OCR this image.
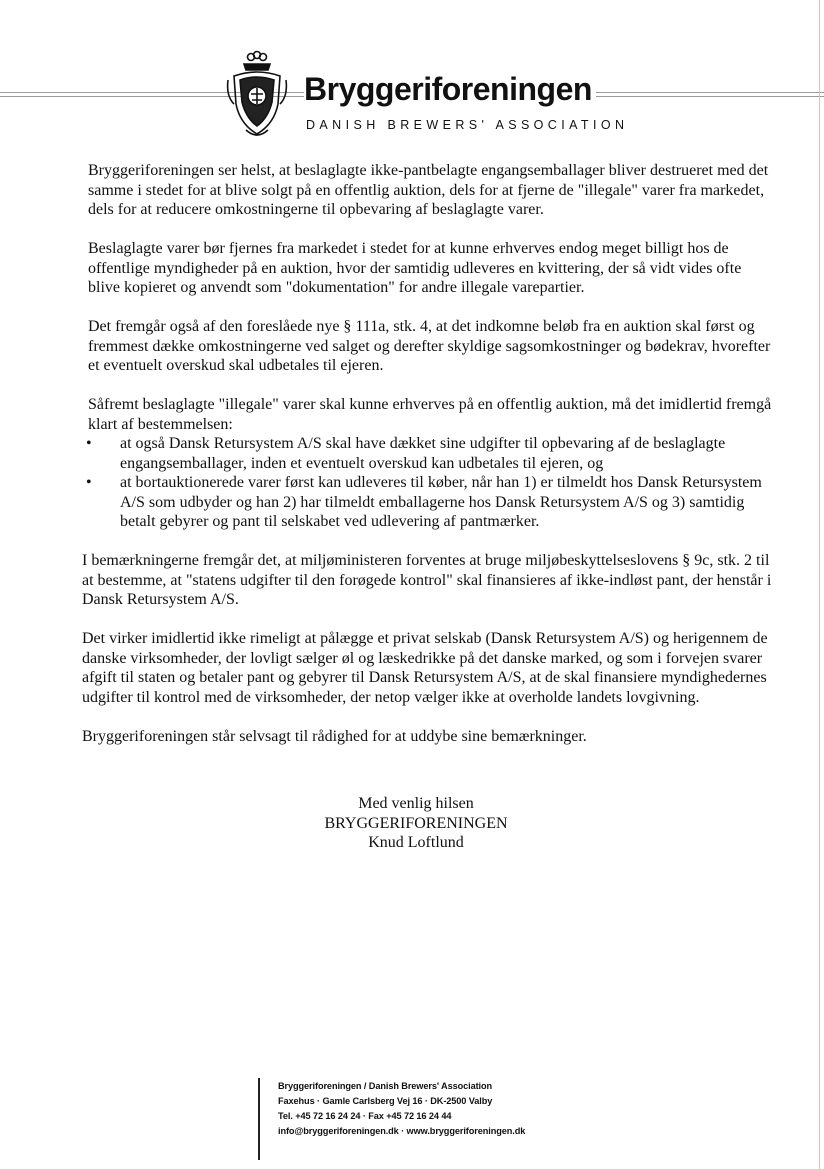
Bryggeriforeningen
DANISH BREWERS' ASSOCIATION

Bryggeriforeningen ser helst, at beslaglagte ikke-pantbelagte engangsemballager bliver destrueret med det samme i stedet for at blive solgt på en offentlig auktion, dels for at fjerne de "illegale" varer fra markedet, dels for at reducere omkostningerne til opbevaring af beslaglagte varer.

Beslaglagte varer bør fjernes fra markedet i stedet for at kunne erhverves endog meget billigt hos de offentlige myndigheder på en auktion, hvor der samtidig udleveres en kvittering, der så vidt vides ofte blive kopieret og anvendt som "dokumentation" for andre illegale varepartier.

Det fremgår også af den foreslåede nye § 111a, stk. 4, at det indkomne beløb fra en auktion skal først og fremmest dække omkostningerne ved salget og derefter skyldige sagsomkostninger og bødekrav, hvorefter et eventuelt overskud skal udbetales til ejeren.

Såfremt beslaglagte "illegale" varer skal kunne erhverves på en offentlig auktion, må det imidlertid fremgå klart af bestemmelsen:

• at også Dansk Retursystem A/S skal have dækket sine udgifter til opbevaring af de beslaglagte engangsemballager, inden et eventuelt overskud kan udbetales til ejeren, og
• at bortauktionerede varer først kan udleveres til køber, når han 1) er tilmeldt hos Dansk Retursystem A/S som udbyder og han 2) har tilmeldt emballagerne hos Dansk Retursystem A/S og 3) samtidig betalt gebyrer og pant til selskabet ved udlevering af pantmærker.

I bemærkningerne fremgår det, at miljøministeren forventes at bruge miljøbeskyttelseslovens § 9c, stk. 2 til at bestemme, at "statens udgifter til den forøgede kontrol" skal finansieres af ikke-indløst pant, der henstår i Dansk Retursystem A/S.

Det virker imidlertid ikke rimeligt at pålægge et privat selskab (Dansk Retursystem A/S) og herigennem de danske virksomheder, der lovligt sælger øl og læskedrikke på det danske marked, og som i forvejen svarer afgift til staten og betaler pant og gebyrer til Dansk Retursystem A/S, at de skal finansiere myndighedernes udgifter til kontrol med de virksomheder, der netop vælger ikke at overholde landets lovgivning.

Bryggeriforeningen står selvsagt til rådighed for at uddybe sine bemærkninger.

Med venlig hilsen
BRYGGERIFORENINGEN
Knud Loftlund
Bryggeriforeningen / Danish Brewers' Association
Faxehus · Gamle Carlsberg Vej 16 · DK-2500 Valby
Tel. +45 72 16 24 24 · Fax +45 72 16 24 44
info@bryggeriforeningen.dk · www.bryggeriforeningen.dk
